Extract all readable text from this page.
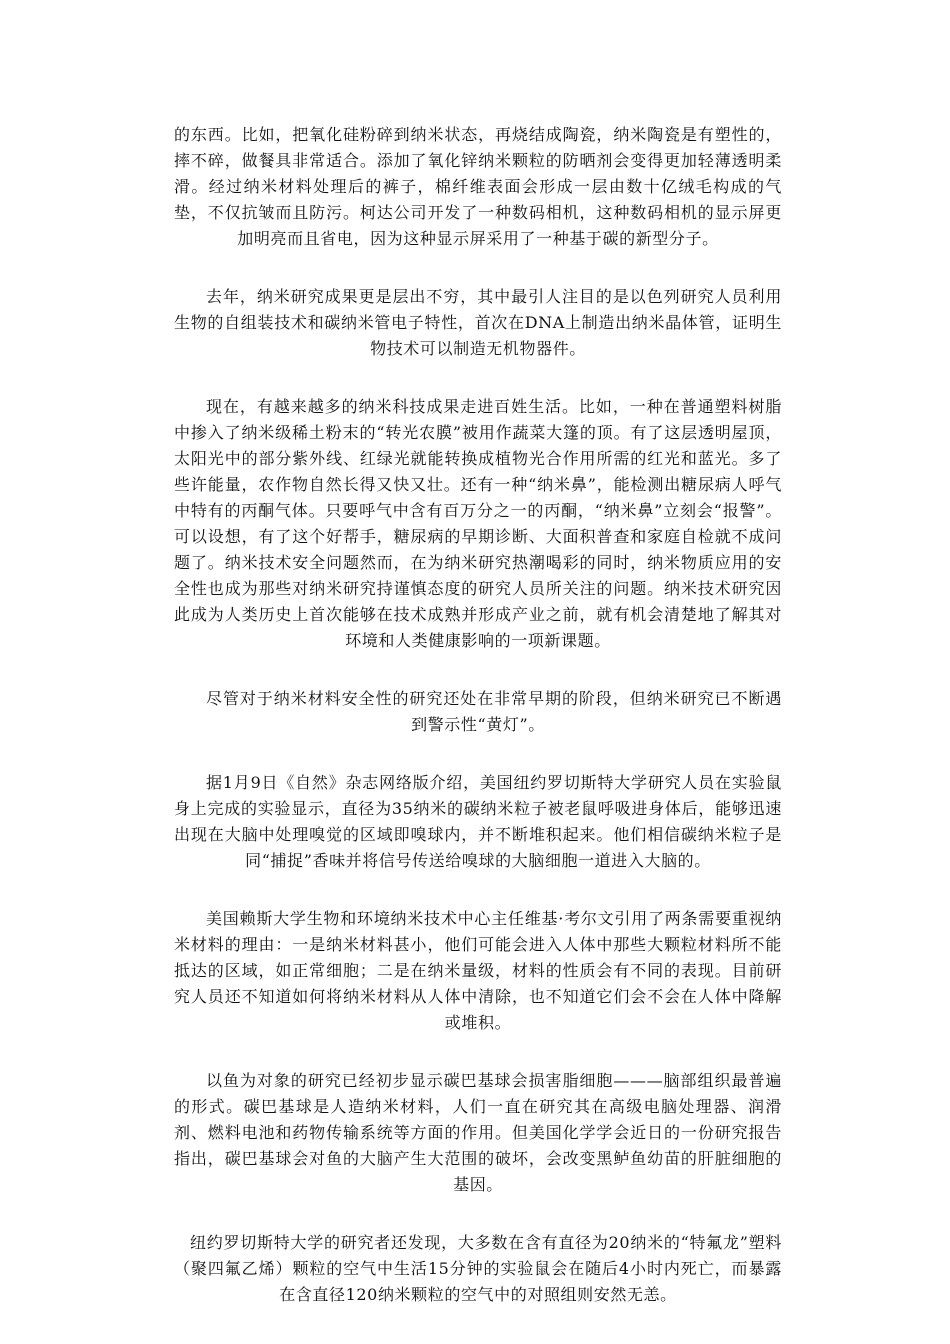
的东西。比如，把氧化硅粉碎到纳米状态，再烧结成陶瓷，纳米陶瓷是有塑性的，摔不碎，做餐具非常适合。添加了氧化锌纳米颗粒的防晒剂会变得更加轻薄透明柔滑。经过纳米材料处理后的裤子，棉纤维表面会形成一层由数十亿绒毛构成的气垫，不仅抗皱而且防污。柯达公司开发了一种数码相机，这种数码相机的显示屏更加明亮而且省电，因为这种显示屏采用了一种基于碳的新型分子。

去年，纳米研究成果更是层出不穷，其中最引人注目的是以色列研究人员利用生物的自组装技术和碳纳米管电子特性，首次在DNA上制造出纳米晶体管，证明生物技术可以制造无机物器件。

现在，有越来越多的纳米科技成果走进百姓生活。比如，一种在普通塑料树脂中掺入了纳米级稀土粉末的“转光农膜”被用作蔬菜大篷的顶。有了这层透明屋顶，太阳光中的部分紫外线、红绿光就能转换成植物光合作用所需的红光和蓝光。多了些许能量，农作物自然长得又快又壮。还有一种“纳米鼻”，能检测出糖尿病人呼气中特有的丙酮气体。只要呼气中含有百万分之一的丙酮，“纳米鼻”立刻会“报警”。可以设想，有了这个好帮手，糖尿病的早期诊断、大面积普查和家庭自检就不成问题了。纳米技术安全问题然而，在为纳米研究热潮喝彩的同时，纳米物质应用的安全性也成为那些对纳米研究持谨慎态度的研究人员所关注的问题。纳米技术研究因此成为人类历史上首次能够在技术成熟并形成产业之前，就有机会清楚地了解其对环境和人类健康影响的一项新课题。

尽管对于纳米材料安全性的研究还处在非常早期的阶段，但纳米研究已不断遇到警示性“黄灯”。

据1月9日《自然》杂志网络版介绍，美国纽约罗切斯特大学研究人员在实验鼠身上完成的实验显示，直径为35纳米的碳纳米粒子被老鼠呼吸进身体后，能够迅速出现在大脑中处理嗅觉的区域即嗅球内，并不断堆积起来。他们相信碳纳米粒子是同“捕捉”香味并将信号传送给嗅球的大脑细胞一道进入大脑的。

美国赖斯大学生物和环境纳米技术中心主任维基·考尔文引用了两条需要重视纳米材料的理由：一是纳米材料甚小，他们可能会进入人体中那些大颗粒材料所不能抵达的区域，如正常细胞；二是在纳米量级，材料的性质会有不同的表现。目前研究人员还不知道如何将纳米材料从人体中清除，也不知道它们会不会在人体中降解或堆积。

以鱼为对象的研究已经初步显示碳巴基球会损害脂细胞———脑部组织最普遍的形式。碳巴基球是人造纳米材料，人们一直在研究其在高级电脑处理器、润滑剂、燃料电池和药物传输系统等方面的作用。但美国化学学会近日的一份研究报告指出，碳巴基球会对鱼的大脑产生大范围的破坏，会改变黑鲈鱼幼苗的肝脏细胞的基因。

纽约罗切斯特大学的研究者还发现，大多数在含有直径为20纳米的“特氟龙”塑料（聚四氟乙烯）颗粒的空气中生活15分钟的实验鼠会在随后4小时内死亡，而暴露在含直径120纳米颗粒的空气中的对照组则安然无恙。
